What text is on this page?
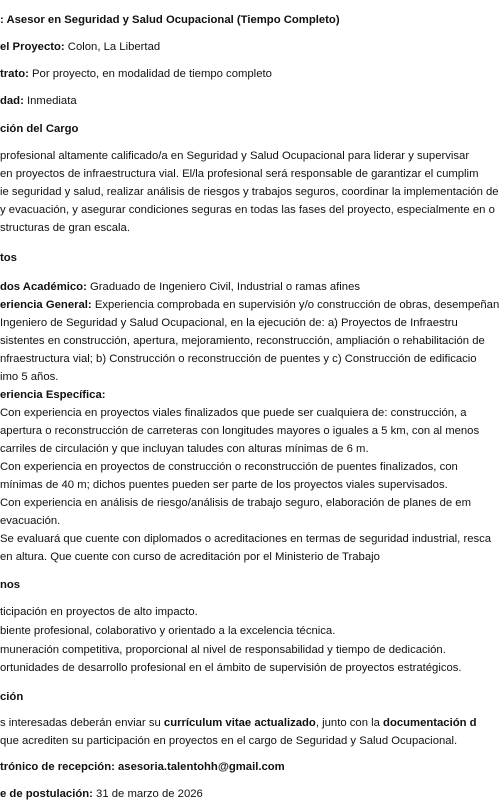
: Asesor en Seguridad y Salud Ocupacional (Tiempo Completo)
el Proyecto: Colon, La Libertad
trato: Por proyecto, en modalidad de tiempo completo
dad: Inmediata
ción del Cargo
profesional altamente calificado/a en Seguridad y Salud Ocupacional para liderar y supervisar
en proyectos de infraestructura vial. El/la profesional será responsable de garantizar el cumplim
ie seguridad y salud, realizar análisis de riesgos y trabajos seguros, coordinar la implementación de
y evacuación, y asegurar condiciones seguras en todas las fases del proyecto, especialmente en o
structuras de gran escala.
tos
dos Académico: Graduado de Ingeniero Civil, Industrial o ramas afines
eriencia General: Experiencia comprobada en supervisión y/o construcción de obras, desempeñan
Ingeniero de Seguridad y Salud Ocupacional, en la ejecución de: a) Proyectos de Infraestru
sistentes en construcción, apertura, mejoramiento, reconstrucción, ampliación o rehabilitación de
nfraestructura vial; b) Construcción o reconstrucción de puentes y c) Construcción de edificacio
imo 5 años.
eriencia Específica:
Con experiencia en proyectos viales finalizados que puede ser cualquiera de: construcción, a
apertura o reconstrucción de carreteras con longitudes mayores o iguales a 5 km, con al menos
carriles de circulación y que incluyan taludes con alturas mínimas de 6 m.
Con experiencia en proyectos de construcción o reconstrucción de puentes finalizados, con
mínimas de 40 m; dichos puentes pueden ser parte de los proyectos viales supervisados.
Con experiencia en análisis de riesgo/análisis de trabajo seguro, elaboración de planes de em
evacuación.
Se evaluará que cuente con diplomados o acreditaciones en termas de seguridad industrial, resca
en altura. Que cuente con curso de acreditación por el Ministerio de Trabajo
nos
ticipación en proyectos de alto impacto.
biente profesional, colaborativo y orientado a la excelencia técnica.
muneración competitiva, proporcional al nivel de responsabilidad y tiempo de dedicación.
ortunidades de desarrollo profesional en el ámbito de supervisión de proyectos estratégicos.
ción
s interesadas deberán enviar su currículum vitae actualizado, junto con la documentación d
que acrediten su participación en proyectos en el cargo de Seguridad y Salud Ocupacional.
trónico de recepción: asesoria.talentohh@gmail.com
e de postulación: 31 de marzo de 2026
